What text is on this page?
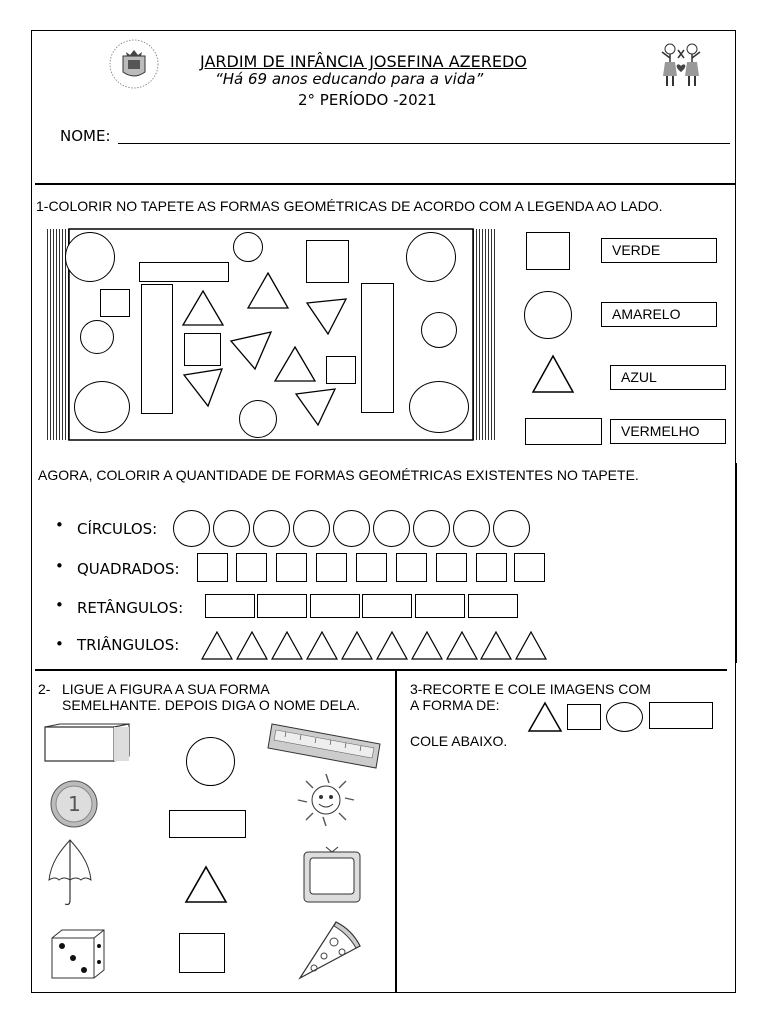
JARDIM DE INFÂNCIA JOSEFINA AZEREDO
“Há 69 anos educando para a vida”
2° PERÍODO -2021
NOME:
1-COLORIR NO TAPETE AS FORMAS GEOMÉTRICAS DE ACORDO COM A LEGENDA AO LADO.
VERDE
AMARELO
AZUL
VERMELHO
AGORA, COLORIR A QUANTIDADE DE FORMAS GEOMÉTRICAS EXISTENTES NO TAPETE.
• CÍRCULOS:
• QUADRADOS:
• RETÂNGULOS:
• TRIÂNGULOS:
2- LIGUE A FIGURA A SUA FORMA
SEMELHANTE. DEPOIS DIGA O NOME DELA.
1
3-RECORTE E COLE IMAGENS COM
A FORMA DE:
COLE ABAIXO.
